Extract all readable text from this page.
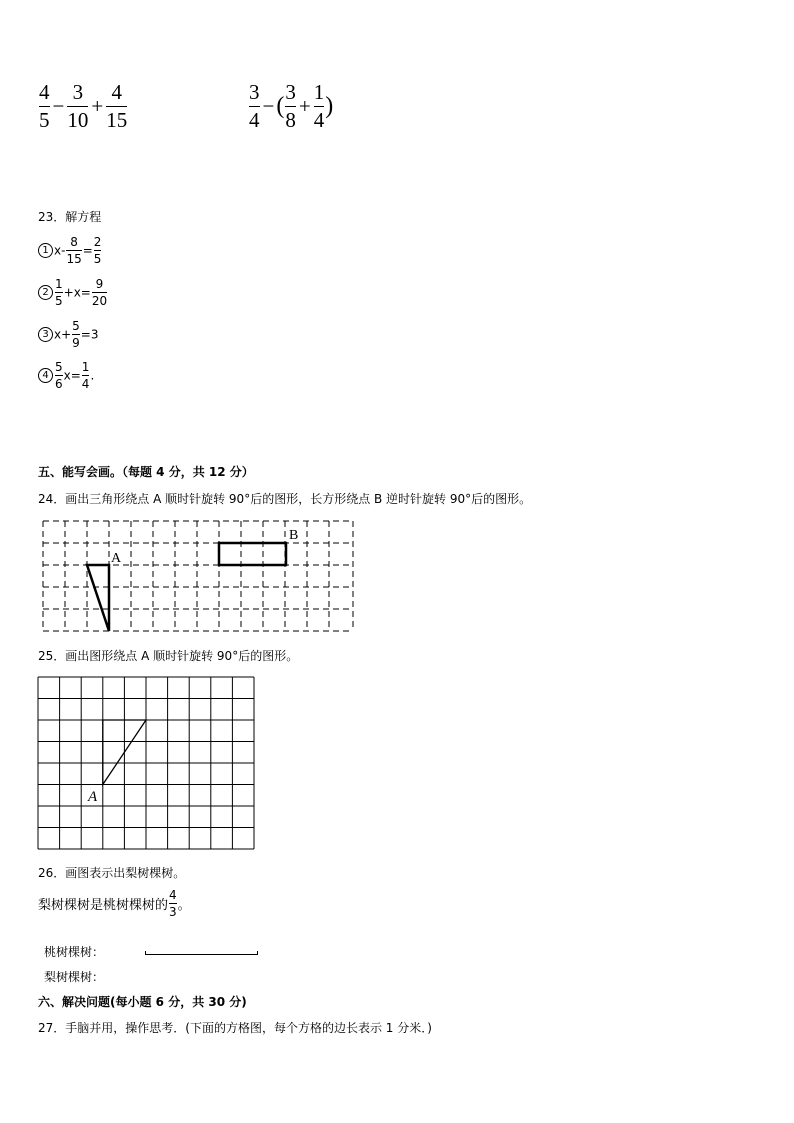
$\frac{4}{5} - \frac{3}{10} + \frac{4}{15}$	$\frac{3}{4}$ −( $\frac{3}{8} + \frac{1}{4}$ )
23．解方程
1 $x- \frac{8}{15} = \frac{2}{5}$
$2 \frac{1}{5} +x= \frac{9}{20}$
3 $x+ \frac{5}{9} =3$
$4 \frac{5}{6} x= \frac{1}{4}$ .
五、能写会画。（每题 4 分，共 12 分）
24．画出三角形绕点 A 顺时针旋转 90°后的图形，长方形绕点 B 逆时针旋转 90°后的图形。
A
B
25．画出图形绕点 A 顺时针旋转 90°后的图形。
A
26．画图表示出梨树棵树。
梨树棵树是桃树棵树的 $\frac{4}{3}$ 。
桃树棵树：
梨树棵树：
六、解决问题(每小题 6 分，共 30 分)
27．手脑并用，操作思考．(下面的方格图，每个方格的边长表示 1 分米．)
